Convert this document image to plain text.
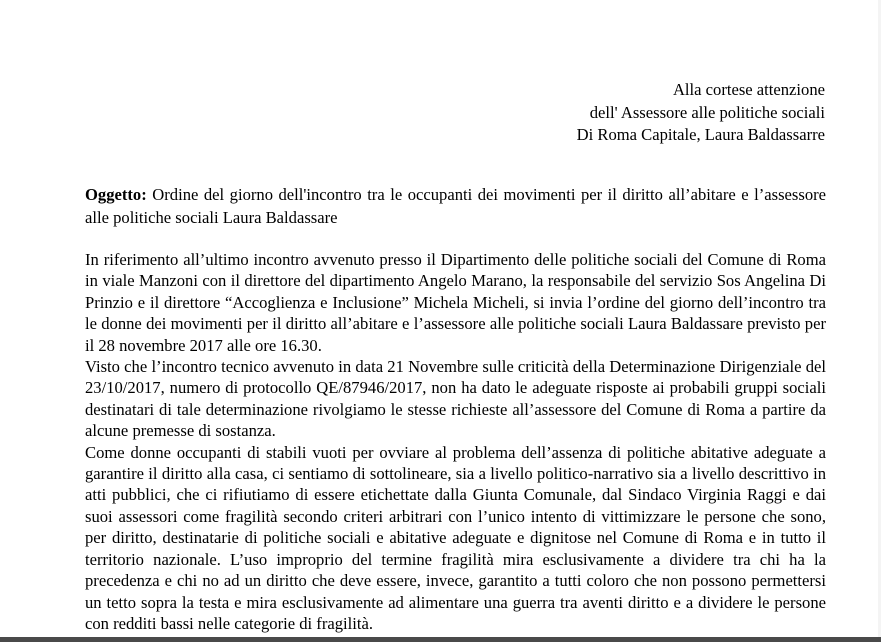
Alla cortese attenzione
dell' Assessore alle politiche sociali
Di Roma Capitale, Laura Baldassarre
Oggetto: Ordine del giorno dell'incontro tra le occupanti dei movimenti per il diritto all’abitare e l’assessore alle politiche sociali Laura Baldassare

In riferimento all’ultimo incontro avvenuto presso il Dipartimento delle politiche sociali del Comune di Roma in viale Manzoni con il direttore del dipartimento Angelo Marano, la responsabile del servizio Sos Angelina Di Prinzio e il direttore “Accoglienza e Inclusione” Michela Micheli, si invia l’ordine del giorno dell’incontro tra le donne dei movimenti per il diritto all’abitare e l’assessore alle politiche sociali Laura Baldassare previsto per il 28 novembre 2017 alle ore 16.30.

Visto che l’incontro tecnico avvenuto in data 21 Novembre sulle criticità della Determinazione Dirigenziale del 23/10/2017, numero di protocollo QE/87946/2017, non ha dato le adeguate risposte ai probabili gruppi sociali destinatari di tale determinazione rivolgiamo le stesse richieste all’assessore del Comune di Roma a partire da alcune premesse di sostanza.

Come donne occupanti di stabili vuoti per ovviare al problema dell’assenza di politiche abitative adeguate a garantire il diritto alla casa, ci sentiamo di sottolineare, sia a livello politico-narrativo sia a livello descrittivo in atti pubblici, che ci rifiutiamo di essere etichettate dalla Giunta Comunale, dal Sindaco Virginia Raggi e dai suoi assessori come fragilità secondo criteri arbitrari con l’unico intento di vittimizzare le persone che sono, per diritto, destinatarie di politiche sociali e abitative adeguate e dignitose nel Comune di Roma e in tutto il territorio nazionale. L’uso improprio del termine fragilità mira esclusivamente a dividere tra chi ha la precedenza e chi no ad un diritto che deve essere, invece, garantito a tutti coloro che non possono permettersi un tetto sopra la testa e mira esclusivamente ad alimentare una guerra tra aventi diritto e a dividere le persone con redditi bassi nelle categorie di fragilità.
